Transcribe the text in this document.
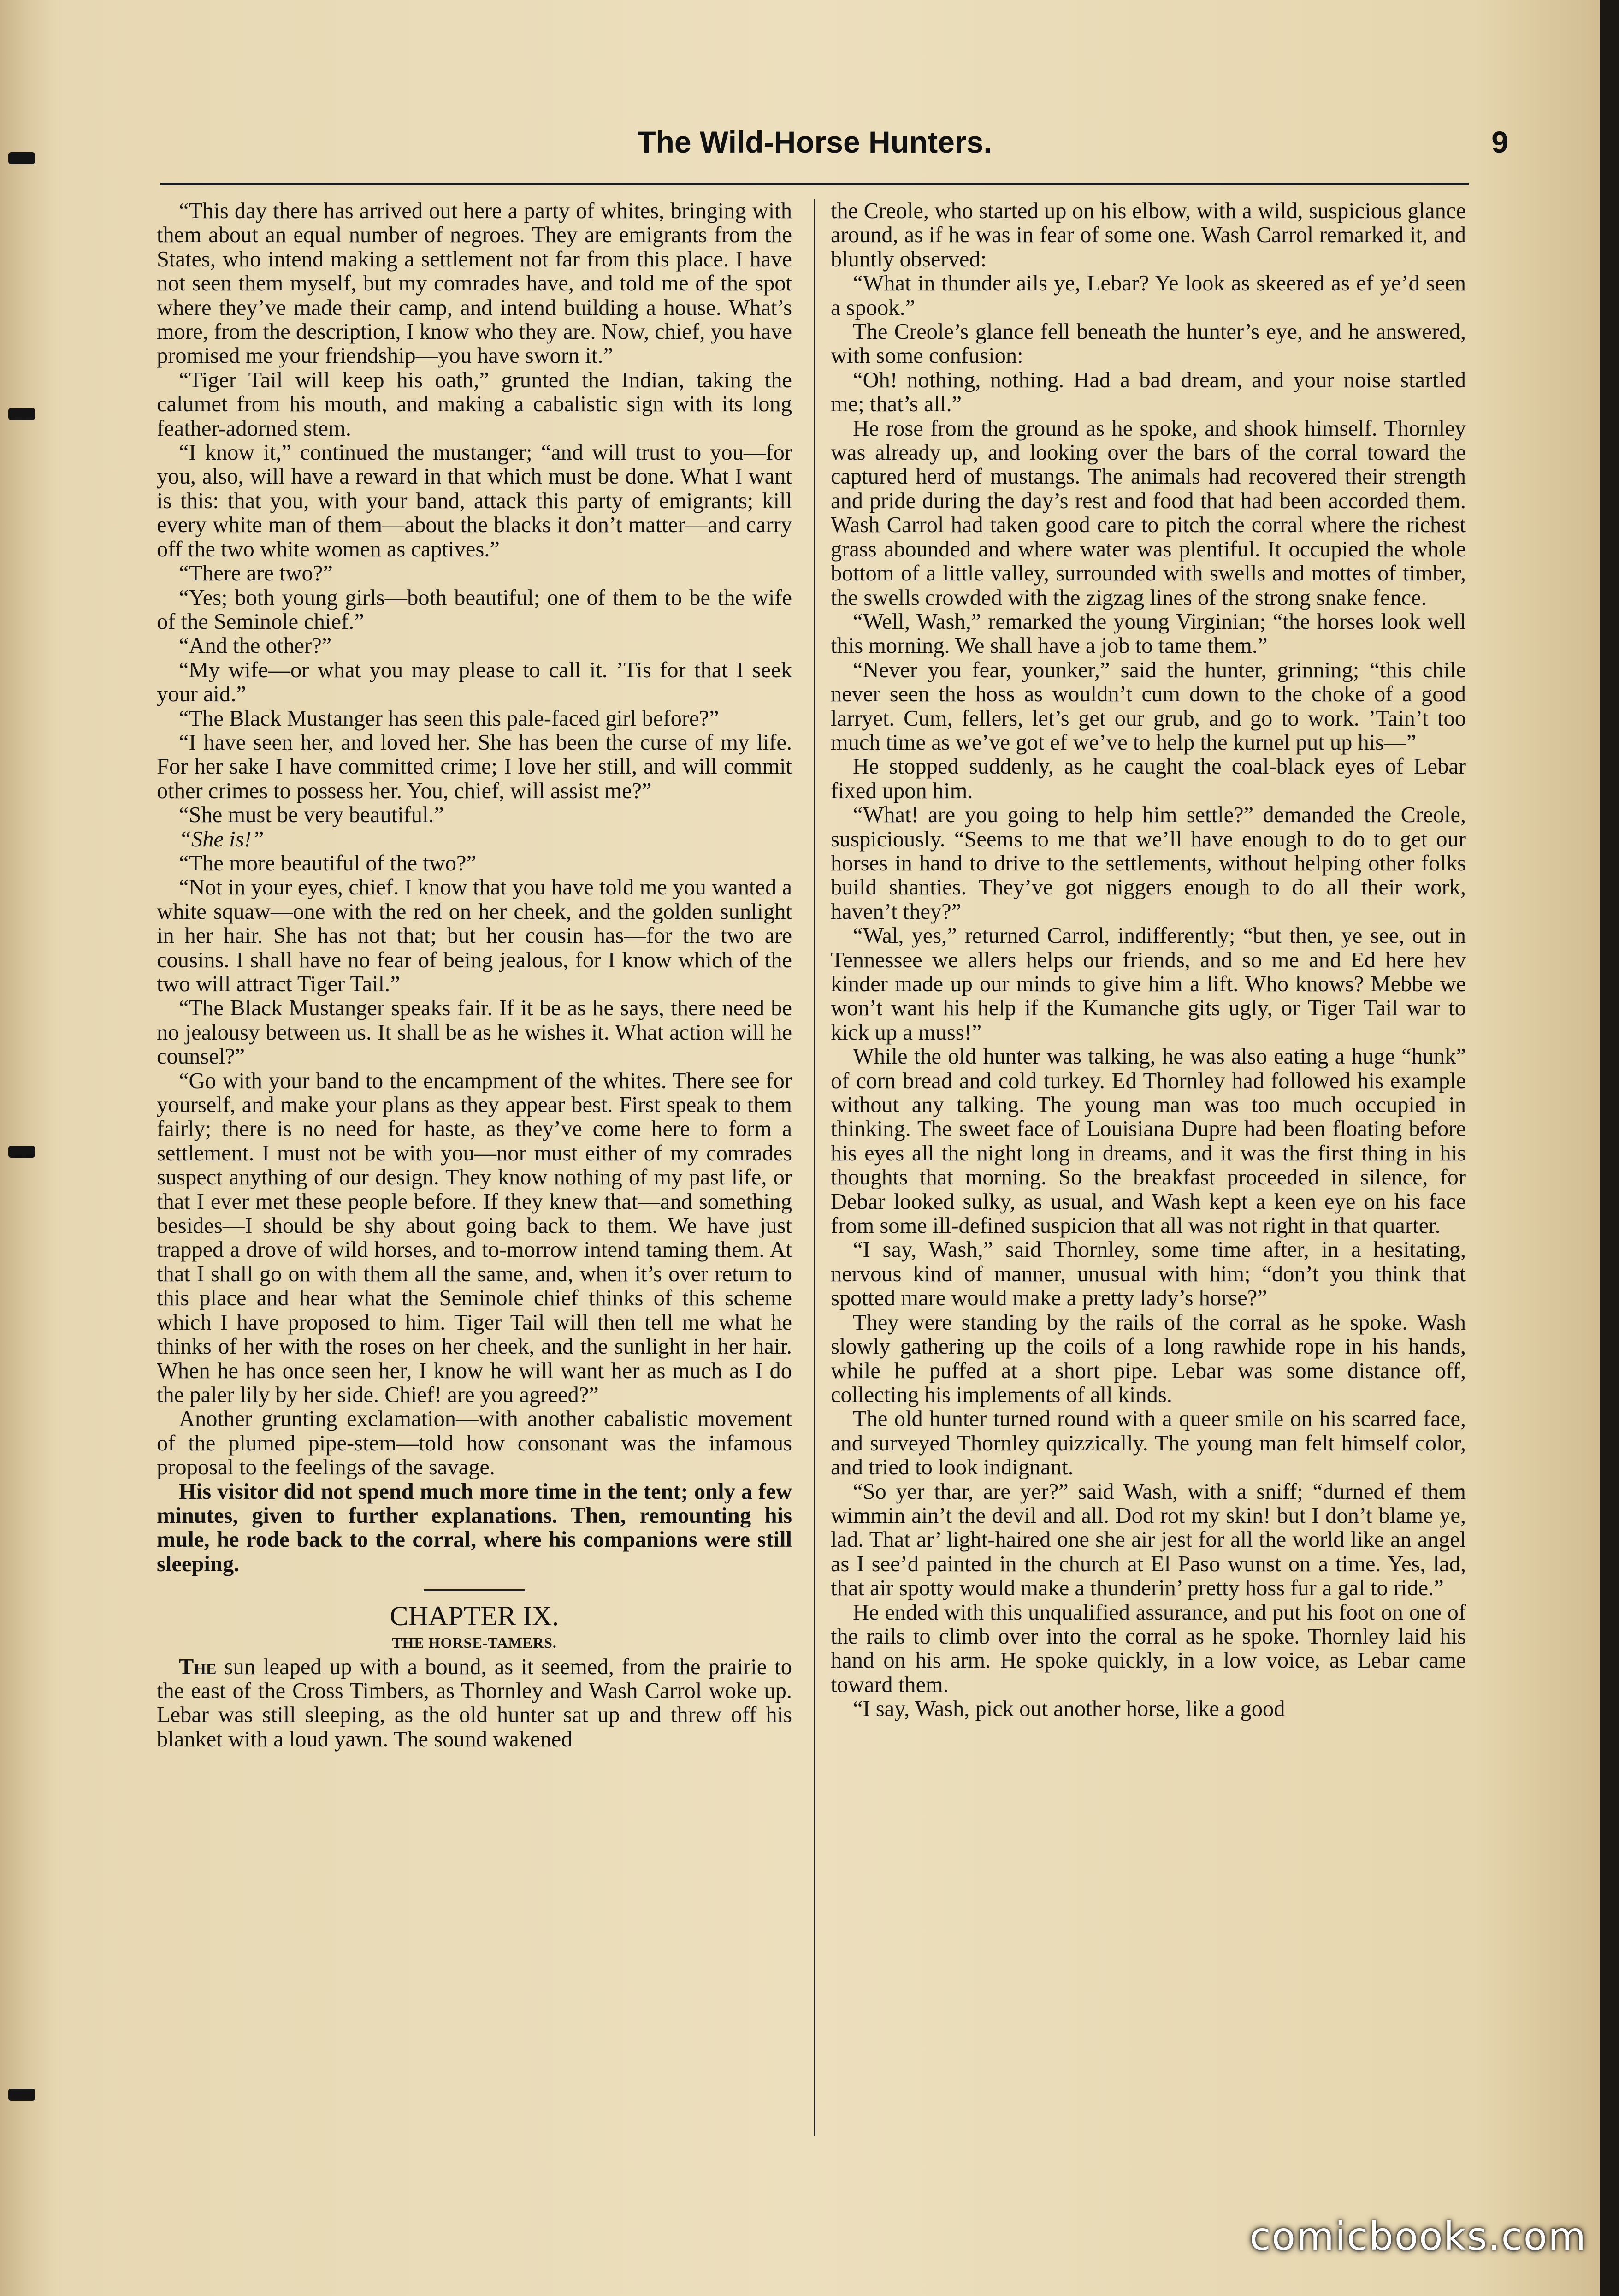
The Wild-Horse Hunters.	9

“This day there has arrived out here a party of whites, bringing with them about an equal number of negroes. They are emigrants from the States, who intend making a settlement not far from this place. I have not seen them myself, but my comrades have, and told me of the spot where they’ve made their camp, and intend building a house. What’s more, from the description, I know who they are. Now, chief, you have promised me your friendship—you have sworn it.”

“Tiger Tail will keep his oath,” grunted the Indian, taking the calumet from his mouth, and making a cabalistic sign with its long feather-adorned stem.

“I know it,” continued the mustanger; “and will trust to you—for you, also, will have a reward in that which must be done. What I want is this: that you, with your band, attack this party of emigrants; kill every white man of them—about the blacks it don’t matter—and carry off the two white women as captives.”

“There are two?”

“Yes; both young girls—both beautiful; one of them to be the wife of the Seminole chief.”

“And the other?”

“My wife—or what you may please to call it. ’Tis for that I seek your aid.”

“The Black Mustanger has seen this pale-faced girl before?”

“I have seen her, and loved her. She has been the curse of my life. For her sake I have committed crime; I love her still, and will commit other crimes to possess her. You, chief, will assist me?”

“She must be very beautiful.”

“She is!”

“The more beautiful of the two?”

“Not in your eyes, chief. I know that you have told me you wanted a white squaw—one with the red on her cheek, and the golden sunlight in her hair. She has not that; but her cousin has—for the two are cousins. I shall have no fear of being jealous, for I know which of the two will attract Tiger Tail.”

“The Black Mustanger speaks fair. If it be as he says, there need be no jealousy between us. It shall be as he wishes it. What action will he counsel?”

“Go with your band to the encampment of the whites. There see for yourself, and make your plans as they appear best. First speak to them fairly; there is no need for haste, as they’ve come here to form a settlement. I must not be with you—nor must either of my comrades suspect anything of our design. They know nothing of my past life, or that I ever met these people before. If they knew that—and something besides—I should be shy about going back to them. We have just trapped a drove of wild horses, and to-morrow intend taming them. At that I shall go on with them all the same, and, when it’s over return to this place and hear what the Seminole chief thinks of this scheme which I have proposed to him. Tiger Tail will then tell me what he thinks of her with the roses on her cheek, and the sunlight in her hair. When he has once seen her, I know he will want her as much as I do the paler lily by her side. Chief! are you agreed?”

Another grunting exclamation—with another cabalistic movement of the plumed pipe-stem—told how consonant was the infamous proposal to the feelings of the savage.

His visitor did not spend much more time in the tent; only a few minutes, given to further explanations. Then, remounting his mule, he rode back to the corral, where his companions were still sleeping.

CHAPTER IX.

THE HORSE-TAMERS.

The sun leaped up with a bound, as it seemed, from the prairie to the east of the Cross Timbers, as Thornley and Wash Carrol woke up. Lebar was still sleeping, as the old hunter sat up and threw off his blanket with a loud yawn. The sound wakened

the Creole, who started up on his elbow, with a wild, suspicious glance around, as if he was in fear of some one. Wash Carrol remarked it, and bluntly observed:

“What in thunder ails ye, Lebar? Ye look as skeered as ef ye’d seen a spook.”

The Creole’s glance fell beneath the hunter’s eye, and he answered, with some confusion:

“Oh! nothing, nothing. Had a bad dream, and your noise startled me; that’s all.”

He rose from the ground as he spoke, and shook himself. Thornley was already up, and looking over the bars of the corral toward the captured herd of mustangs. The animals had recovered their strength and pride during the day’s rest and food that had been accorded them. Wash Carrol had taken good care to pitch the corral where the richest grass abounded and where water was plentiful. It occupied the whole bottom of a little valley, surrounded with swells and mottes of timber, the swells crowded with the zigzag lines of the strong snake fence.

“Well, Wash,” remarked the young Virginian; “the horses look well this morning. We shall have a job to tame them.”

“Never you fear, younker,” said the hunter, grinning; “this chile never seen the hoss as wouldn’t cum down to the choke of a good larryet. Cum, fellers, let’s get our grub, and go to work. ’Tain’t too much time as we’ve got ef we’ve to help the kurnel put up his—”

He stopped suddenly, as he caught the coal-black eyes of Lebar fixed upon him.

“What! are you going to help him settle?” demanded the Creole, suspiciously. “Seems to me that we’ll have enough to do to get our horses in hand to drive to the settlements, without helping other folks build shanties. They’ve got niggers enough to do all their work, haven’t they?”

“Wal, yes,” returned Carrol, indifferently; “but then, ye see, out in Tennessee we allers helps our friends, and so me and Ed here hev kinder made up our minds to give him a lift. Who knows? Mebbe we won’t want his help if the Kumanche gits ugly, or Tiger Tail war to kick up a muss!”

While the old hunter was talking, he was also eating a huge “hunk” of corn bread and cold turkey. Ed Thornley had followed his example without any talking. The young man was too much occupied in thinking. The sweet face of Louisiana Dupre had been floating before his eyes all the night long in dreams, and it was the first thing in his thoughts that morning. So the breakfast proceeded in silence, for Debar looked sulky, as usual, and Wash kept a keen eye on his face from some ill-defined suspicion that all was not right in that quarter.

“I say, Wash,” said Thornley, some time after, in a hesitating, nervous kind of manner, unusual with him; “don’t you think that spotted mare would make a pretty lady’s horse?”

They were standing by the rails of the corral as he spoke. Wash slowly gathering up the coils of a long rawhide rope in his hands, while he puffed at a short pipe. Lebar was some distance off, collecting his implements of all kinds.

The old hunter turned round with a queer smile on his scarred face, and surveyed Thornley quizzically. The young man felt himself color, and tried to look indignant.

“So yer thar, are yer?” said Wash, with a sniff; “durned ef them wimmin ain’t the devil and all. Dod rot my skin! but I don’t blame ye, lad. That ar’ light-haired one she air jest for all the world like an angel as I see’d painted in the church at El Paso wunst on a time. Yes, lad, that air spotty would make a thunderin’ pretty hoss fur a gal to ride.”

He ended with this unqualified assurance, and put his foot on one of the rails to climb over into the corral as he spoke. Thornley laid his hand on his arm. He spoke quickly, in a low voice, as Lebar came toward them.

“I say, Wash, pick out another horse, like a good

comicbooks.com
